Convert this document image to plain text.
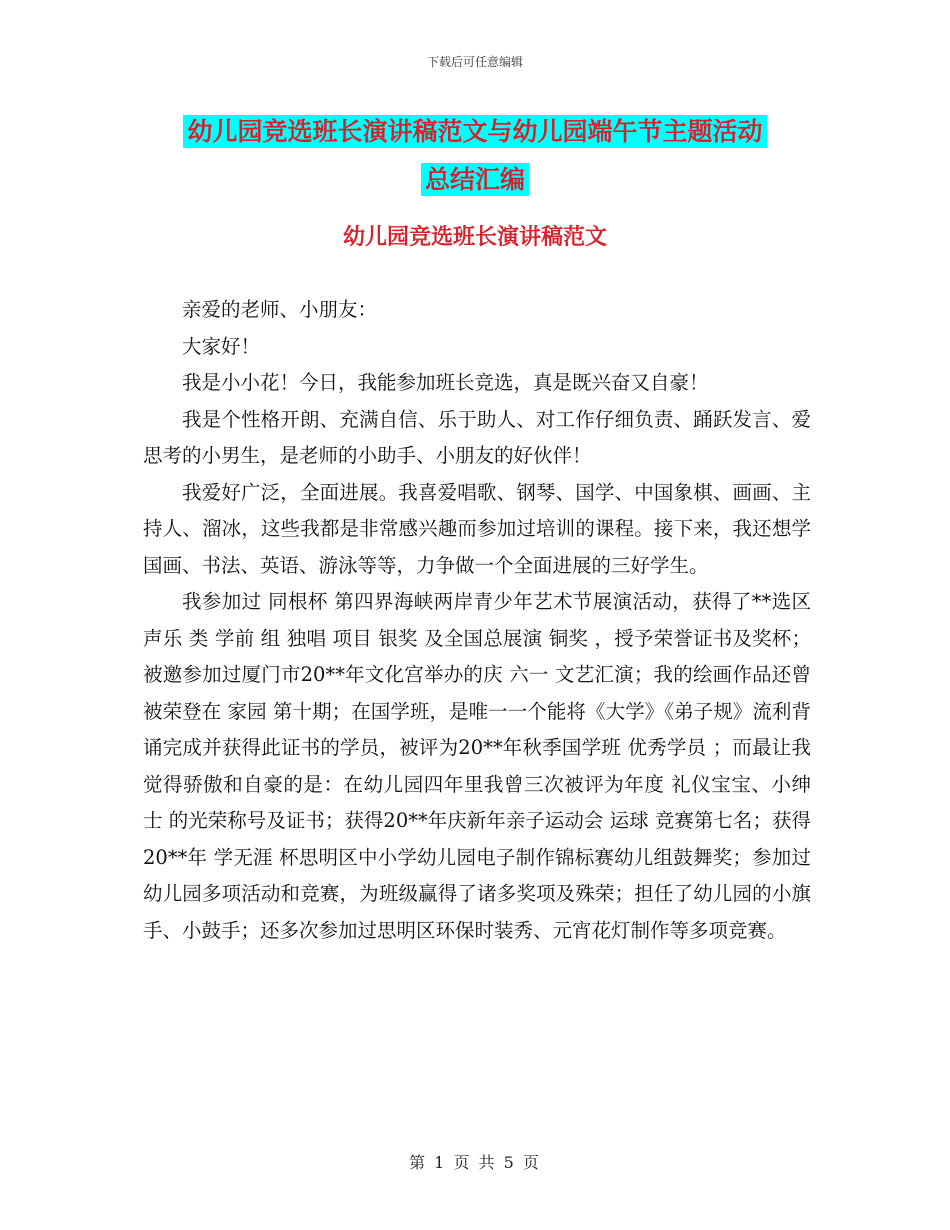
下载后可任意编辑
幼儿园竞选班长演讲稿范文与幼儿园端午节主题活动
总结汇编
幼儿园竞选班长演讲稿范文

亲爱的老师、小朋友：

大家好！

我是小小花！今日，我能参加班长竞选，真是既兴奋又自豪！

我是个性格开朗、充满自信、乐于助人、对工作仔细负责、踊跃发言、爱思考的小男生，是老师的小助手、小朋友的好伙伴！

我爱好广泛，全面进展。我喜爱唱歌、钢琴、国学、中国象棋、画画、主持人、溜冰，这些我都是非常感兴趣而参加过培训的课程。接下来，我还想学国画、书法、英语、游泳等等，力争做一个全面进展的三好学生。

我参加过 同根杯 第四界海峡两岸青少年艺术节展演活动，获得了**选区 声乐 类 学前 组 独唱 项目 银奖 及全国总展演 铜奖 ，授予荣誉证书及奖杯；被邀参加过厦门市20**年文化宫举办的庆 六一 文艺汇演；我的绘画作品还曾被荣登在 家园 第十期；在国学班，是唯一一个能将《大学》《弟子规》流利背诵完成并获得此证书的学员，被评为20**年秋季国学班 优秀学员 ；而最让我觉得骄傲和自豪的是：在幼儿园四年里我曾三次被评为年度 礼仪宝宝、小绅士 的光荣称号及证书；获得20**年庆新年亲子运动会 运球 竞赛第七名；获得20**年 学无涯 杯思明区中小学幼儿园电子制作锦标赛幼儿组鼓舞奖；参加过幼儿园多项活动和竞赛，为班级赢得了诸多奖项及殊荣；担任了幼儿园的小旗手、小鼓手；还多次参加过思明区环保时装秀、元宵花灯制作等多项竞赛。

第 1 页 共 5 页
